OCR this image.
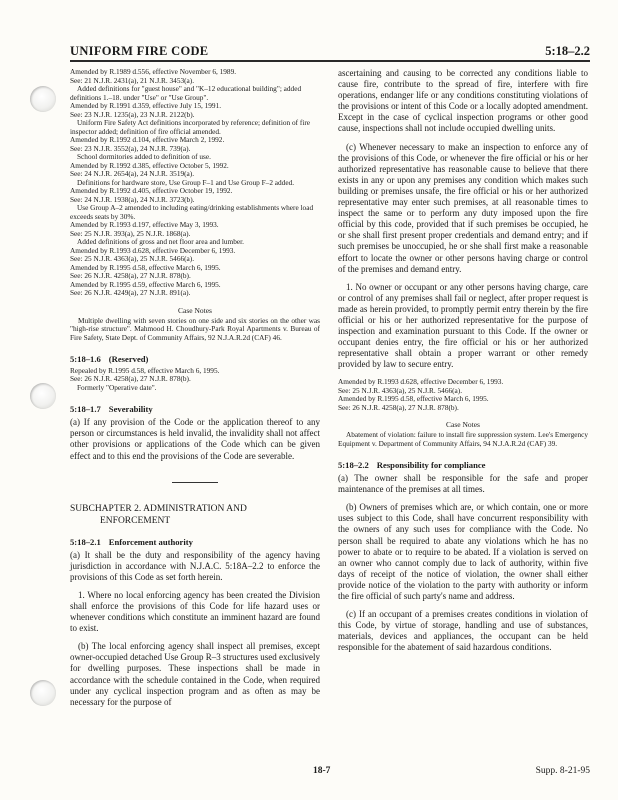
UNIFORM FIRE CODE	5:18–2.2
Amended by R.1989 d.556, effective November 6, 1989.
See: 21 N.J.R. 2431(a), 21 N.J.R. 3453(a).
Added definitions for "guest house" and "K–12 educational building"; added definitions 1.–18. under "Use" or "Use Group".
Amended by R.1991 d.359, effective July 15, 1991.
See: 23 N.J.R. 1235(a), 23 N.J.R. 2122(b).
Uniform Fire Safety Act definitions incorporated by reference; definition of fire inspector added; definition of fire official amended.
Amended by R.1992 d.104, effective March 2, 1992.
See: 23 N.J.R. 3552(a), 24 N.J.R. 739(a).
School dormitories added to definition of use.
Amended by R.1992 d.385, effective October 5, 1992.
See: 24 N.J.R. 2654(a), 24 N.J.R. 3519(a).
Definitions for hardware store, Use Group F–1 and Use Group F–2 added.
Amended by R.1992 d.405, effective October 19, 1992.
See: 24 N.J.R. 1938(a), 24 N.J.R. 3723(b).
Use Group A–2 amended to including eating/drinking establishments where load exceeds seats by 30%.
Amended by R.1993 d.197, effective May 3, 1993.
See: 25 N.J.R. 393(a), 25 N.J.R. 1868(a).
Added definitions of gross and net floor area and lumber.
Amended by R.1993 d.628, effective December 6, 1993.
See: 25 N.J.R. 4363(a), 25 N.J.R. 5466(a).
Amended by R.1995 d.58, effective March 6, 1995.
See: 26 N.J.R. 4258(a), 27 N.J.R. 878(b).
Amended by R.1995 d.59, effective March 6, 1995.
See: 26 N.J.R. 4249(a), 27 N.J.R. 891(a).
Case Notes
Multiple dwelling with seven stories on one side and six stories on the other was "high-rise structure". Mahmood H. Choudhury-Park Royal Apartments v. Bureau of Fire Safety, State Dept. of Community Affairs, 92 N.J.A.R.2d (CAF) 46.
5:18–1.6 (Reserved)
Repealed by R.1995 d.58, effective March 6, 1995.
See: 26 N.J.R. 4258(a), 27 N.J.R. 878(b).
Formerly "Operative date".
5:18–1.7 Severability
(a) If any provision of the Code or the application thereof to any person or circumstances is held invalid, the invalidity shall not affect other provisions or applications of the Code which can be given effect and to this end the provisions of the Code are severable.
SUBCHAPTER 2. ADMINISTRATION AND
ENFORCEMENT
5:18–2.1 Enforcement authority
(a) It shall be the duty and responsibility of the agency having jurisdiction in accordance with N.J.A.C. 5:18A–2.2 to enforce the provisions of this Code as set forth herein.
1. Where no local enforcing agency has been created the Division shall enforce the provisions of this Code for life hazard uses or whenever conditions which constitute an imminent hazard are found to exist.
(b) The local enforcing agency shall inspect all premises, except owner-occupied detached Use Group R–3 structures used exclusively for dwelling purposes. These inspections shall be made in accordance with the schedule contained in the Code, when required under any cyclical inspection program and as often as may be necessary for the purpose of
ascertaining and causing to be corrected any conditions liable to cause fire, contribute to the spread of fire, interfere with fire operations, endanger life or any conditions constituting violations of the provisions or intent of this Code or a locally adopted amendment. Except in the case of cyclical inspection programs or other good cause, inspections shall not include occupied dwelling units.
(c) Whenever necessary to make an inspection to enforce any of the provisions of this Code, or whenever the fire official or his or her authorized representative has reasonable cause to believe that there exists in any or upon any premises any condition which makes such building or premises unsafe, the fire official or his or her authorized representative may enter such premises, at all reasonable times to inspect the same or to perform any duty imposed upon the fire official by this code, provided that if such premises be occupied, he or she shall first present proper credentials and demand entry; and if such premises be unoccupied, he or she shall first make a reasonable effort to locate the owner or other persons having charge or control of the premises and demand entry.
1. No owner or occupant or any other persons having charge, care or control of any premises shall fail or neglect, after proper request is made as herein provided, to promptly permit entry therein by the fire official or his or her authorized representative for the purpose of inspection and examination pursuant to this Code. If the owner or occupant denies entry, the fire official or his or her authorized representative shall obtain a proper warrant or other remedy provided by law to secure entry.
Amended by R.1993 d.628, effective December 6, 1993.
See: 25 N.J.R. 4363(a), 25 N.J.R. 5466(a).
Amended by R.1995 d.58, effective March 6, 1995.
See: 26 N.J.R. 4258(a), 27 N.J.R. 878(b).
Case Notes
Abatement of violation: failure to install fire suppression system. Lee's Emergency Equipment v. Department of Community Affairs, 94 N.J.A.R.2d (CAF) 39.
5:18–2.2 Responsibility for compliance
(a) The owner shall be responsible for the safe and proper maintenance of the premises at all times.
(b) Owners of premises which are, or which contain, one or more uses subject to this Code, shall have concurrent responsibility with the owners of any such uses for compliance with the Code. No person shall be required to abate any violations which he has no power to abate or to require to be abated. If a violation is served on an owner who cannot comply due to lack of authority, within five days of receipt of the notice of violation, the owner shall either provide notice of the violation to the party with authority or inform the fire official of such party's name and address.
(c) If an occupant of a premises creates conditions in violation of this Code, by virtue of storage, handling and use of substances, materials, devices and appliances, the occupant can be held responsible for the abatement of said hazardous conditions.
18-7	Supp. 8-21-95
